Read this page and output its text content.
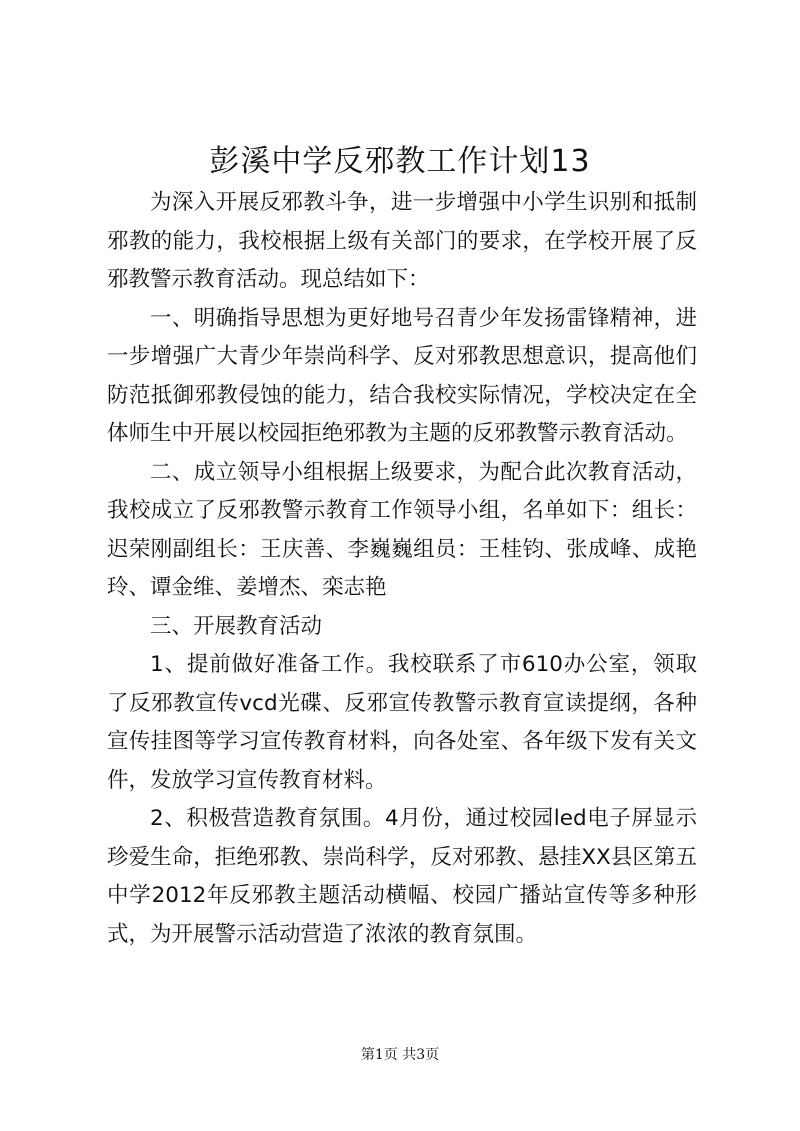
彭溪中学反邪教工作计划13

为深入开展反邪教斗争，进一步增强中小学生识别和抵制邪教的能力，我校根据上级有关部门的要求，在学校开展了反邪教警示教育活动。现总结如下：

一、明确指导思想为更好地号召青少年发扬雷锋精神，进一步增强广大青少年崇尚科学、反对邪教思想意识，提高他们防范抵御邪教侵蚀的能力，结合我校实际情况，学校决定在全体师生中开展以校园拒绝邪教为主题的反邪教警示教育活动。

二、成立领导小组根据上级要求，为配合此次教育活动，我校成立了反邪教警示教育工作领导小组，名单如下：组长：迟荣刚副组长：王庆善、李巍巍组员：王桂钧、张成峰、成艳玲、谭金维、姜增杰、栾志艳

三、开展教育活动

1、提前做好准备工作。我校联系了市610办公室，领取了反邪教宣传vcd光碟、反邪宣传教警示教育宣读提纲，各种宣传挂图等学习宣传教育材料，向各处室、各年级下发有关文件，发放学习宣传教育材料。

2、积极营造教育氛围。4月份，通过校园led电子屏显示珍爱生命，拒绝邪教、崇尚科学，反对邪教、悬挂XX县区第五中学2012年反邪教主题活动横幅、校园广播站宣传等多种形式，为开展警示活动营造了浓浓的教育氛围。

第1页 共3页
